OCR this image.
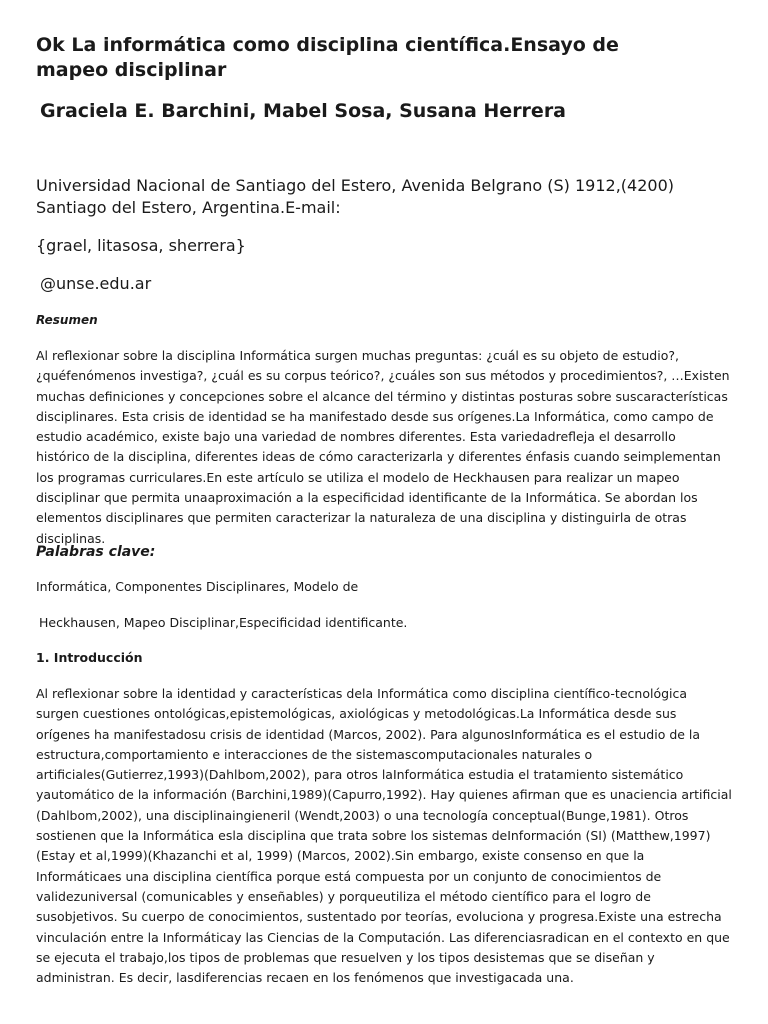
Ok La informática como disciplina científica.Ensayo de mapeo disciplinar
Graciela E. Barchini, Mabel Sosa, Susana Herrera

Universidad Nacional de Santiago del Estero, Avenida Belgrano (S) 1912,(4200) Santiago del Estero, Argentina.E-mail:

{grael, litasosa, sherrera}

@unse.edu.ar

Resumen

Al reflexionar sobre la disciplina Informática surgen muchas preguntas: ¿cuál es su objeto de estudio?, ¿quéfenómenos investiga?, ¿cuál es su corpus teórico?, ¿cuáles son sus métodos y procedimientos?, …Existen muchas definiciones y concepciones sobre el alcance del término y distintas posturas sobre suscaracterísticas disciplinares. Esta crisis de identidad se ha manifestado desde sus orígenes.La Informática, como campo de estudio académico, existe bajo una variedad de nombres diferentes. Esta variedadrefleja el desarrollo histórico de la disciplina, diferentes ideas de cómo caracterizarla y diferentes énfasis cuando seimplementan los programas curriculares.En este artículo se utiliza el modelo de Heckhausen para realizar un mapeo disciplinar que permita unaaproximación a la especificidad identificante de la Informática. Se abordan los elementos disciplinares que permiten caracterizar la naturaleza de una disciplina y distinguirla de otras disciplinas.

Palabras clave:

Informática, Componentes Disciplinares, Modelo de

Heckhausen, Mapeo Disciplinar,Especificidad identificante.

1. Introducción

Al reflexionar sobre la identidad y características dela Informática como disciplina científico-tecnológica surgen cuestiones ontológicas,epistemológicas, axiológicas y metodológicas.La Informática desde sus orígenes ha manifestadosu crisis de identidad (Marcos, 2002). Para algunosInformática es el estudio de la estructura,comportamiento e interacciones de the sistemascomputacionales naturales o artificiales(Gutierrez,1993)(Dahlbom,2002), para otros laInformática estudia el tratamiento sistemático yautomático de la información (Barchini,1989)(Capurro,1992). Hay quienes afirman que es unaciencia artificial (Dahlbom,2002), una disciplinaingieneril (Wendt,2003) o una tecnología conceptual(Bunge,1981). Otros sostienen que la Informática esla disciplina que trata sobre los sistemas deInformación (SI) (Matthew,1997) (Estay et al,1999)(Khazanchi et al, 1999) (Marcos, 2002).Sin embargo, existe consenso en que la Informáticaes una disciplina científica porque está compuesta por un conjunto de conocimientos de validezuniversal (comunicables y enseñables) y porqueutiliza el método científico para el logro de susobjetivos. Su cuerpo de conocimientos, sustentado por teorías, evoluciona y progresa.Existe una estrecha vinculación entre la Informáticay las Ciencias de la Computación. Las diferenciasradican en el contexto en que se ejecuta el trabajo,los tipos de problemas que resuelven y los tipos desistemas que se diseñan y administran. Es decir, lasdiferencias recaen en los fenómenos que investigacada una.
